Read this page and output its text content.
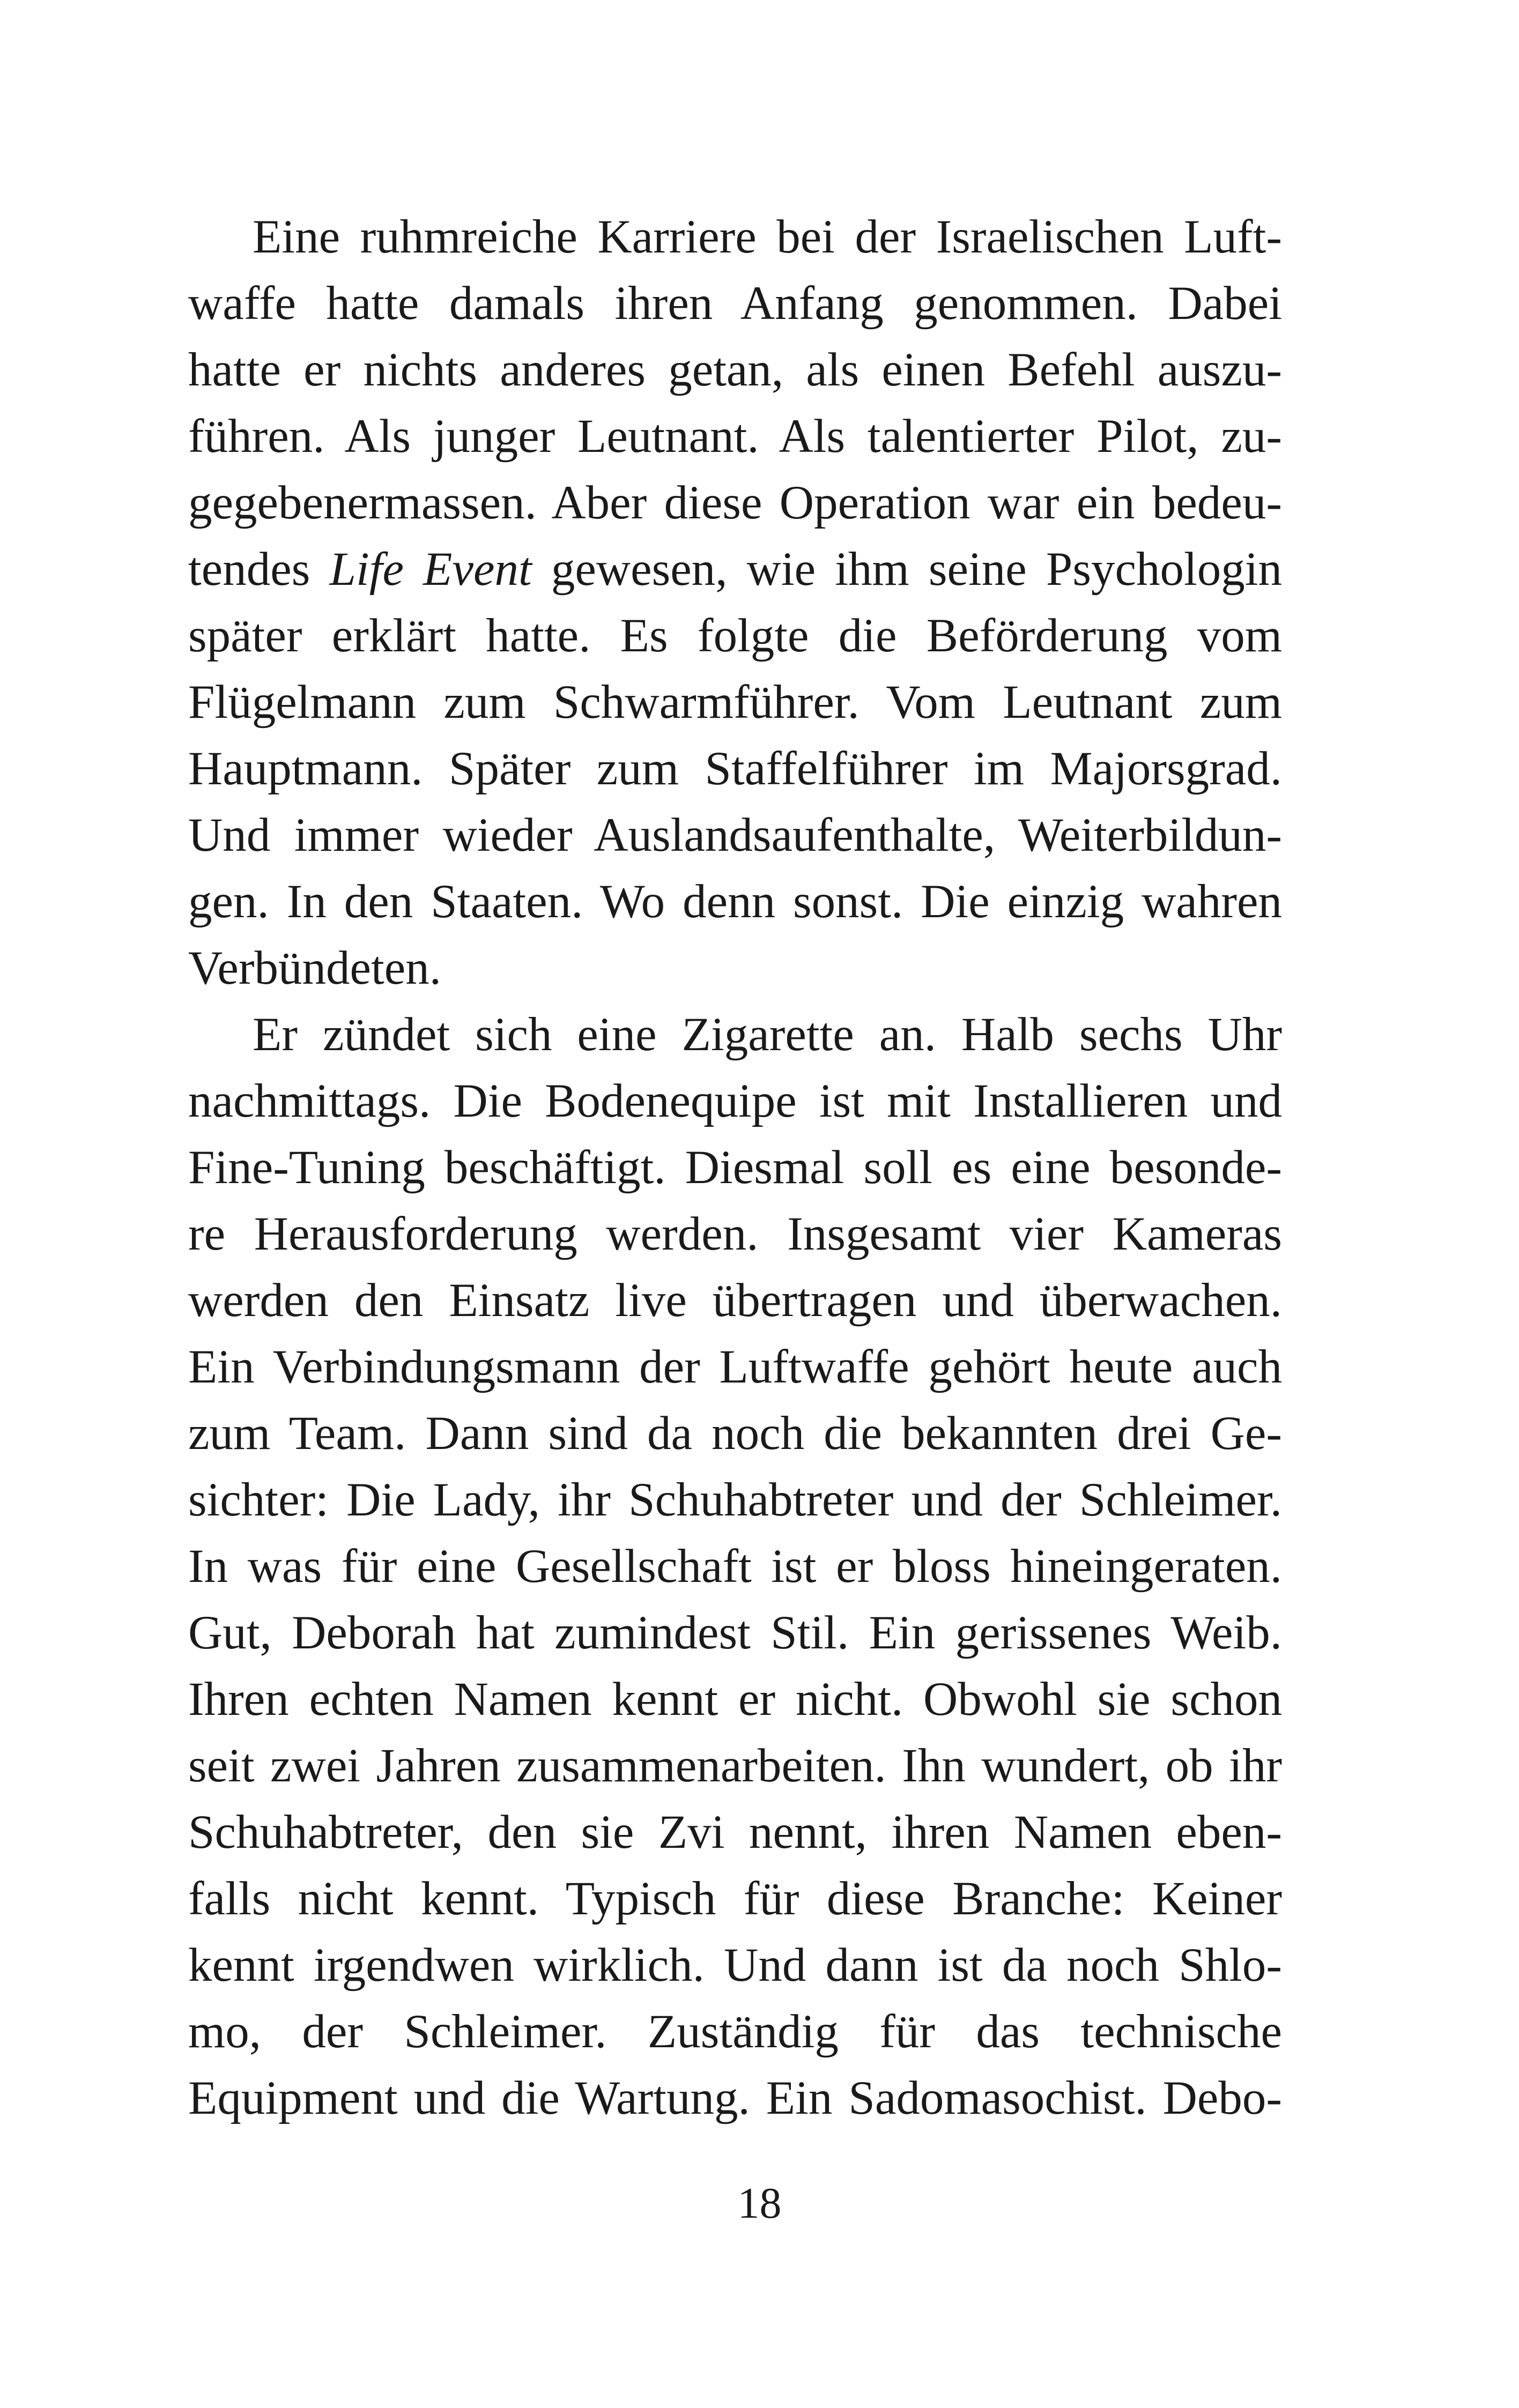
Eine ruhmreiche Karriere bei der Israelischen Luft-
waffe hatte damals ihren Anfang genommen. Dabei
hatte er nichts anderes getan, als einen Befehl auszu-
führen. Als junger Leutnant. Als talentierter Pilot, zu-
gegebenermassen. Aber diese Operation war ein bedeu-
tendes Life Event gewesen, wie ihm seine Psychologin
später erklärt hatte. Es folgte die Beförderung vom
Flügelmann zum Schwarmführer. Vom Leutnant zum
Hauptmann. Später zum Staffelführer im Majorsgrad.
Und immer wieder Auslandsaufenthalte, Weiterbildun-
gen. In den Staaten. Wo denn sonst. Die einzig wahren
Verbündeten.
Er zündet sich eine Zigarette an. Halb sechs Uhr
nachmittags. Die Bodenequipe ist mit Installieren und
Fine-Tuning beschäftigt. Diesmal soll es eine besonde-
re Herausforderung werden. Insgesamt vier Kameras
werden den Einsatz live übertragen und überwachen.
Ein Verbindungsmann der Luftwaffe gehört heute auch
zum Team. Dann sind da noch die bekannten drei Ge-
sichter: Die Lady, ihr Schuhabtreter und der Schleimer.
In was für eine Gesellschaft ist er bloss hineingeraten.
Gut, Deborah hat zumindest Stil. Ein gerissenes Weib.
Ihren echten Namen kennt er nicht. Obwohl sie schon
seit zwei Jahren zusammenarbeiten. Ihn wundert, ob ihr
Schuhabtreter, den sie Zvi nennt, ihren Namen eben-
falls nicht kennt. Typisch für diese Branche: Keiner
kennt irgendwen wirklich. Und dann ist da noch Shlo-
mo, der Schleimer. Zuständig für das technische
Equipment und die Wartung. Ein Sadomasochist. Debo-
18
